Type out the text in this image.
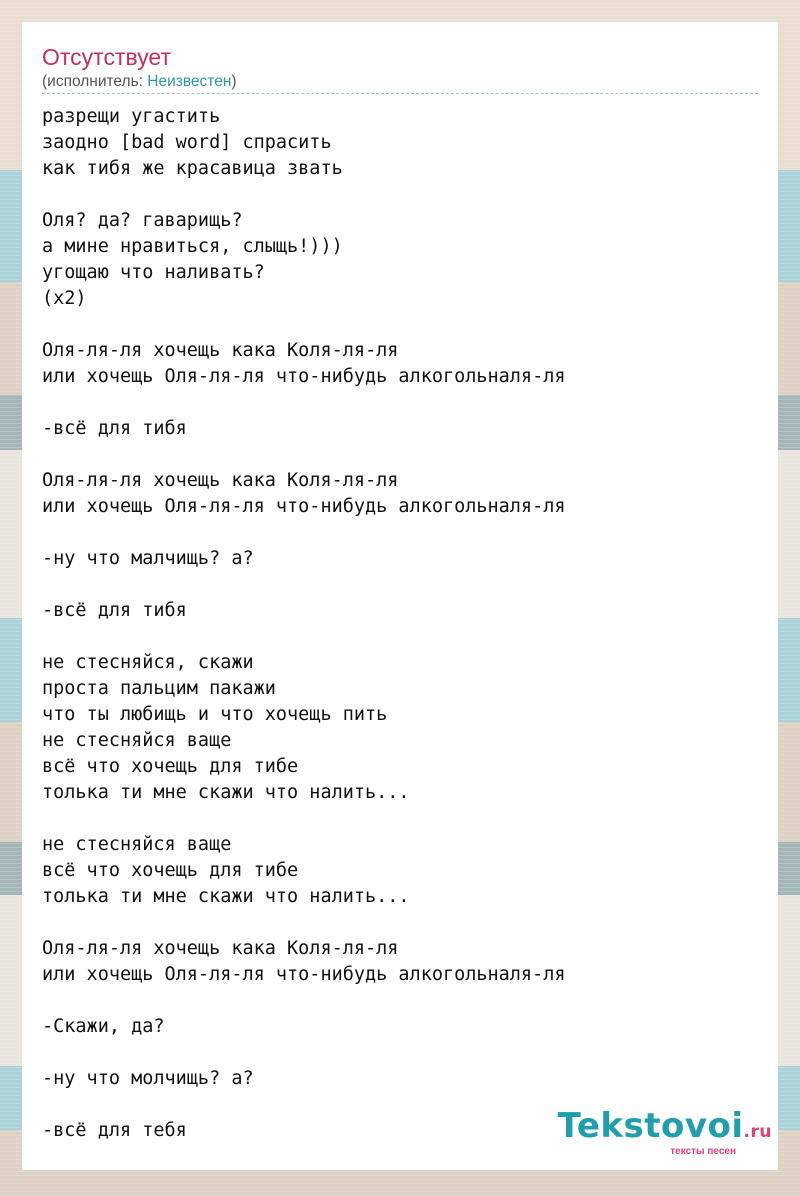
Отсутствует
(исполнитель: Неизвестен)
разрещи угастить
заодно [bad word] спрасить
как тибя же красавица звать

Оля? да? гаварищь?
а мине нравиться, слыщь!)))
угощаю что наливать?
(x2)

Оля-ля-ля хочещь кака Коля-ля-ля
или хочещь Оля-ля-ля что-нибудь алкогольналя-ля

-всё для тибя

Оля-ля-ля хочещь кака Коля-ля-ля
или хочещь Оля-ля-ля что-нибудь алкогольналя-ля

-ну что малчищь? а?

-всё для тибя

не стесняйся, скажи
проста пальцим пакажи
что ты любищь и что хочещь пить
не стесняйся ваще
всё что хочещь для тибе
толька ти мне скажи что налить...

не стесняйся ваще
всё что хочещь для тибе
толька ти мне скажи что налить...

Оля-ля-ля хочещь кака Коля-ля-ля
или хочещь Оля-ля-ля что-нибудь алкогольналя-ля

-Скажи, да?

-ну что молчищь? а?

-всё для тебя	Tekstovoi.ru
тексты песен
